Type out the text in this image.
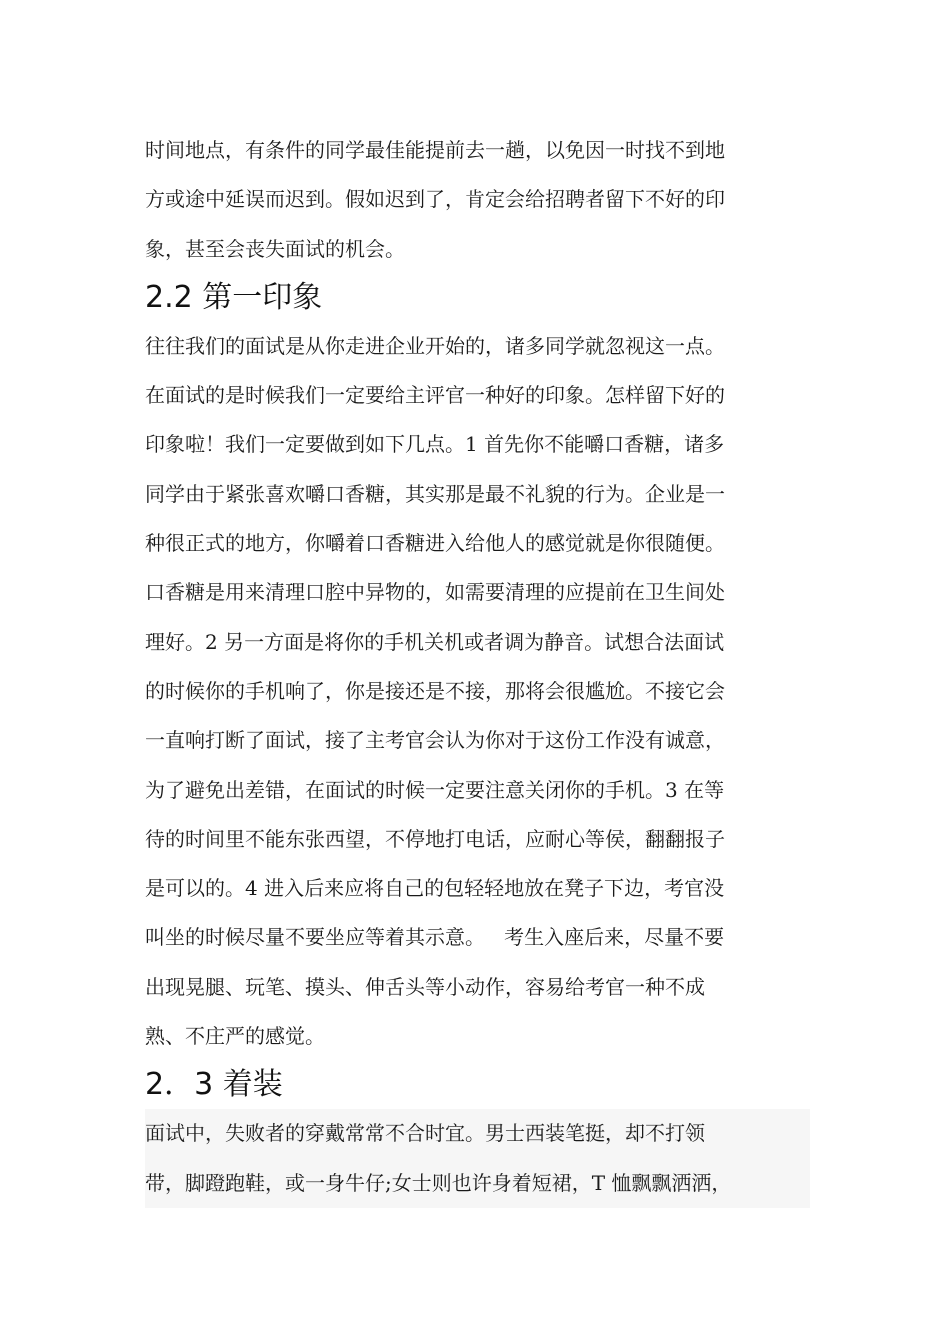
时间地点，有条件的同学最佳能提前去一趟，以免因一时找不到地
方或途中延误而迟到。假如迟到了，肯定会给招聘者留下不好的印
象，甚至会丧失面试的机会。
2.2 第一印象
往往我们的面试是从你走进企业开始的，诸多同学就忽视这一点。
在面试的是时候我们一定要给主评官一种好的印象。怎样留下好的
印象啦！我们一定要做到如下几点。1 首先你不能嚼口香糖，诸多
同学由于紧张喜欢嚼口香糖，其实那是最不礼貌的行为。企业是一
种很正式的地方，你嚼着口香糖进入给他人的感觉就是你很随便。
口香糖是用来清理口腔中异物的，如需要清理的应提前在卫生间处
理好。2 另一方面是将你的手机关机或者调为静音。试想合法面试
的时候你的手机响了，你是接还是不接，那将会很尴尬。不接它会
一直响打断了面试，接了主考官会认为你对于这份工作没有诚意，
为了避免出差错，在面试的时候一定要注意关闭你的手机。3 在等
待的时间里不能东张西望，不停地打电话，应耐心等侯，翻翻报子
是可以的。4 进入后来应将自己的包轻轻地放在凳子下边，考官没
叫坐的时候尽量不要坐应等着其示意。   考生入座后来，尽量不要
出现晃腿、玩笔、摸头、伸舌头等小动作，容易给考官一种不成
熟、不庄严的感觉。
2．3 着装
面试中，失败者的穿戴常常不合时宜。男士西装笔挺，却不打领
带，脚蹬跑鞋，或一身牛仔;女士则也许身着短裙，T 恤飘飘洒洒，
